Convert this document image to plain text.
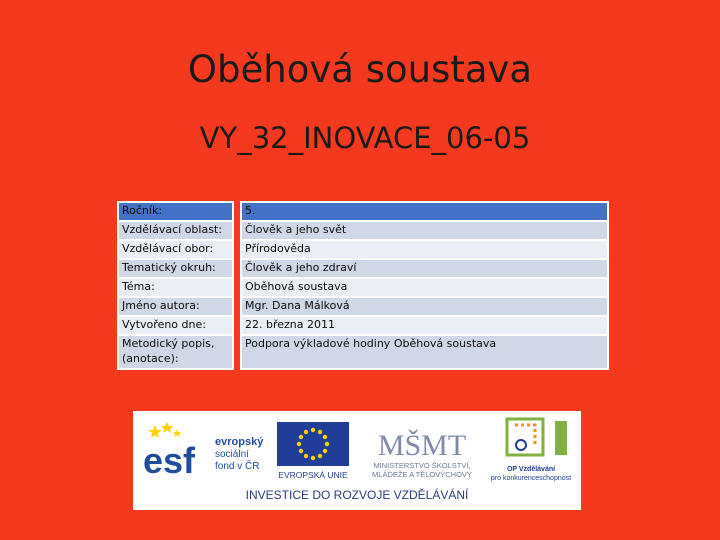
Oběhová soustava
VY_32_INOVACE_06-05
Ročník:		5.
Vzdělávací oblast:		Člověk a jeho svět
Vzdělávací obor:		Přírodověda
Tematický okruh:		Člověk a jeho zdraví
Téma:		Oběhová soustava
Jméno autora:		Mgr. Dana Málková
Vytvořeno dne:		22. března 2011
Metodický popis, (anotace):		Podpora výkladové hodiny Oběhová soustava
esf evropský
sociální
fond v ČR
EVROPSKÁ UNIE
MŠMT
MINISTERSTVO ŠKOLSTVÍ,
MLÁDEŽE A TĚLOVÝCHOVY
OP Vzdělávání
pro konkurenceschopnost
INVESTICE DO ROZVOJE VZDĚLÁVÁNÍ
